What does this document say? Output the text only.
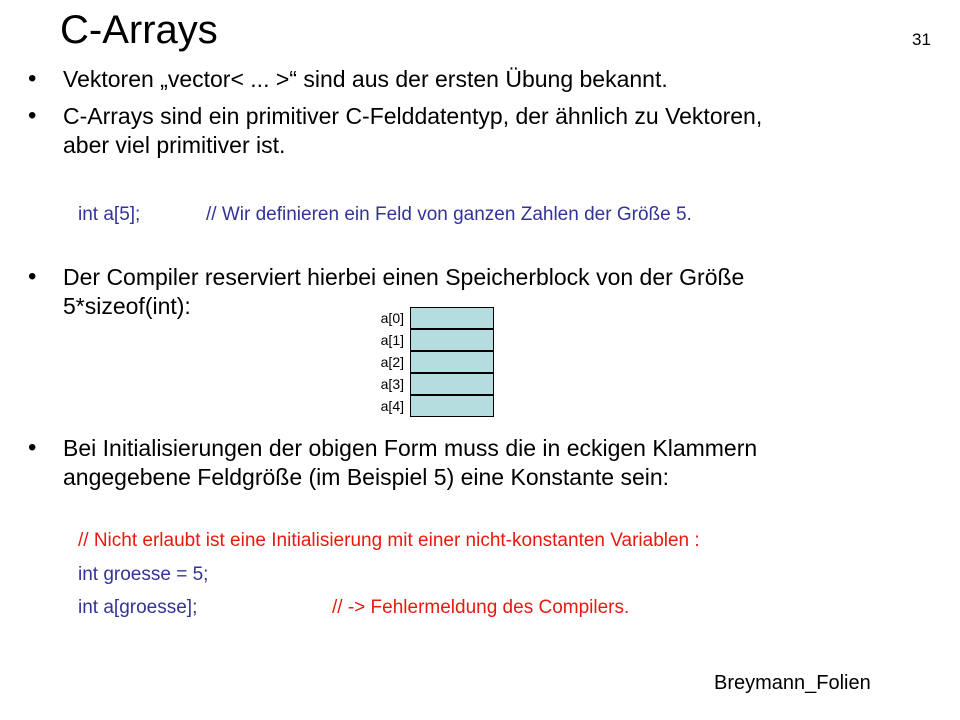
C-Arrays	31
• Vektoren „vector< ... >“ sind aus der ersten Übung bekannt.
• C-Arrays sind ein primitiver C-Felddatentyp, der ähnlich zu Vektoren,
aber viel primitiver ist.
int a[5];	// Wir definieren ein Feld von ganzen Zahlen der Größe 5.
• Der Compiler reserviert hierbei einen Speicherblock von der Größe
5*sizeof(int):	a[0]
a[1]
a[2]
a[3]
a[4]
• Bei Initialisierungen der obigen Form muss die in eckigen Klammern
angegebene Feldgröße (im Beispiel 5) eine Konstante sein:
// Nicht erlaubt ist eine Initialisierung mit einer nicht-konstanten Variablen :
int groesse = 5;
int a[groesse];	// -> Fehlermeldung des Compilers.
Breymann_Folien
